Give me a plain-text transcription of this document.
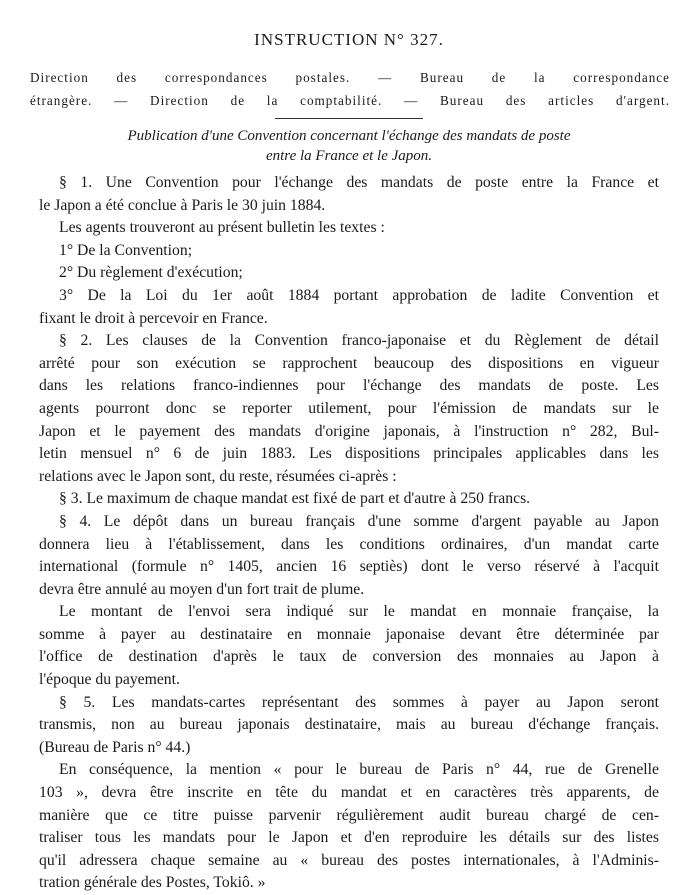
INSTRUCTION N° 327.
Direction des correspondances postales. — Bureau de la correspondance
étrangère. — Direction de la comptabilité. — Bureau des articles d'argent.
Publication d'une Convention concernant l'échange des mandats de poste
entre la France et le Japon.
§ 1. Une Convention pour l'échange des mandats de poste entre la France et
le Japon a été conclue à Paris le 30 juin 1884.
Les agents trouveront au présent bulletin les textes :
1° De la Convention;
2° Du règlement d'exécution;
3° De la Loi du 1er août 1884 portant approbation de ladite Convention et
fixant le droit à percevoir en France.
§ 2. Les clauses de la Convention franco-japonaise et du Règlement de détail
arrêté pour son exécution se rapprochent beaucoup des dispositions en vigueur
dans les relations franco-indiennes pour l'échange des mandats de poste. Les
agents pourront donc se reporter utilement, pour l'émission de mandats sur le
Japon et le payement des mandats d'origine japonais, à l'instruction n° 282, Bul-
letin mensuel n° 6 de juin 1883. Les dispositions principales applicables dans les
relations avec le Japon sont, du reste, résumées ci-après :
§ 3. Le maximum de chaque mandat est fixé de part et d'autre à 250 francs.
§ 4. Le dépôt dans un bureau français d'une somme d'argent payable au Japon
donnera lieu à l'établissement, dans les conditions ordinaires, d'un mandat carte
international (formule n° 1405, ancien 16 septiès) dont le verso réservé à l'acquit
devra être annulé au moyen d'un fort trait de plume.
Le montant de l'envoi sera indiqué sur le mandat en monnaie française, la
somme à payer au destinataire en monnaie japonaise devant être déterminée par
l'office de destination d'après le taux de conversion des monnaies au Japon à
l'époque du payement.
§ 5. Les mandats-cartes représentant des sommes à payer au Japon seront
transmis, non au bureau japonais destinataire, mais au bureau d'échange français.
(Bureau de Paris n° 44.)
En conséquence, la mention « pour le bureau de Paris n° 44, rue de Grenelle
103 », devra être inscrite en tête du mandat et en caractères très apparents, de
manière que ce titre puisse parvenir régulièrement audit bureau chargé de cen-
traliser tous les mandats pour le Japon et d'en reproduire les détails sur des listes
qu'il adressera chaque semaine au « bureau des postes internationales, à l'Adminis-
tration générale des Postes, Tokiô. »
